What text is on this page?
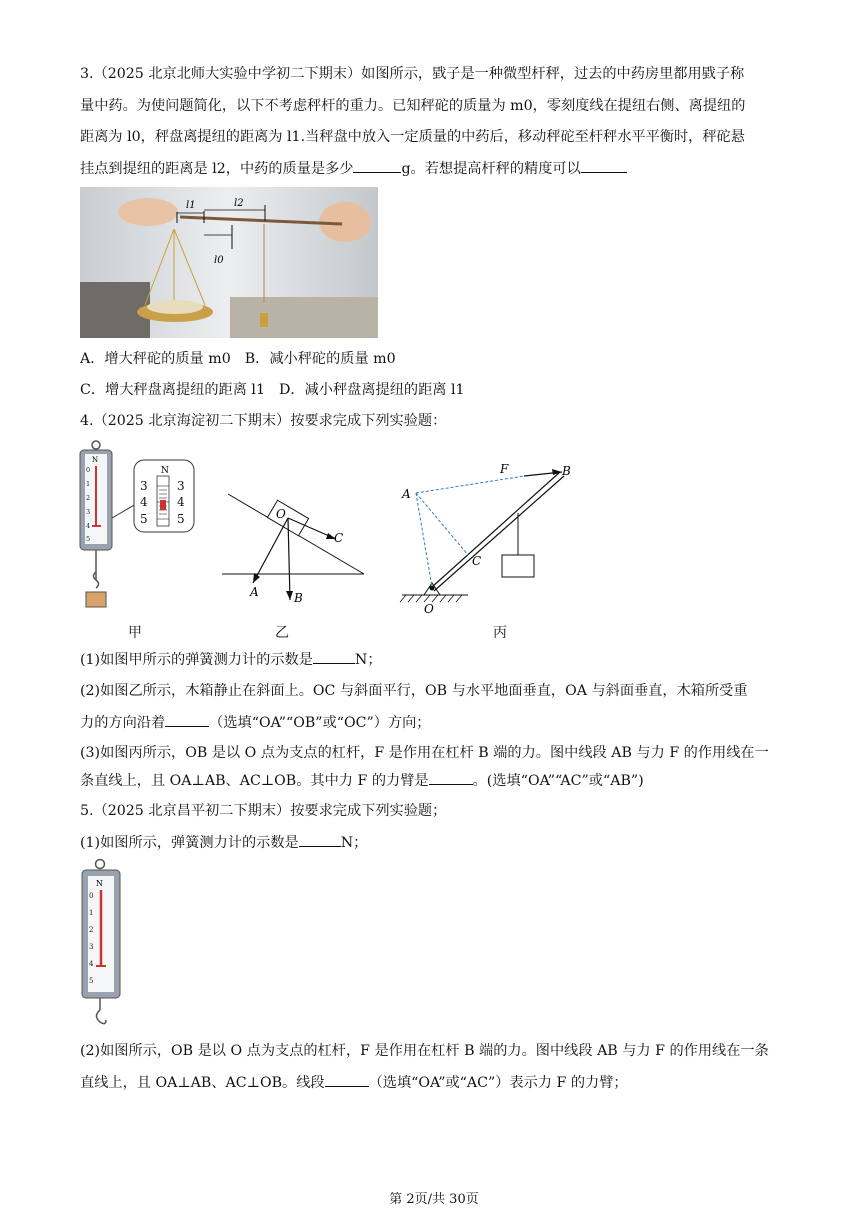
3.（2025 北京北师大实验中学初二下期末）如图所示，戥子是一种微型杆秤，过去的中药房里都用戥子称
量中药。为使问题简化，以下不考虑秤杆的重力。已知秤砣的质量为 m0，零刻度线在提纽右侧、离提纽的
距离为 l0，秤盘离提纽的距离为 l1.当秤盘中放入一定质量的中药后，移动秤砣至杆秤水平平衡时，秤砣悬
挂点到提纽的距离是 l2，中药的质量是多少	g。若想提高杆秤的精度可以
l1	l2
l0
A．增大秤砣的质量 m0 B．减小秤砣的质量 m0
C．增大秤盘离提纽的距离 l1 D．减小秤盘离提纽的距离 l1
4.（2025 北京海淀初二下期末）按要求完成下列实验题：
N
0
1
2
3
4
5
N
3
4
5
3
4
5
甲
O
C
B
A
乙
A
B
F
C
O
丙
(1)如图甲所示的弹簧测力计的示数是	N；
(2)如图乙所示，木箱静止在斜面上。OC 与斜面平行，OB 与水平地面垂直，OA 与斜面垂直，木箱所受重
力的方向沿着	（选填“OA”“OB”或“OC”）方向；
(3)如图丙所示，OB 是以 O 点为支点的杠杆，F 是作用在杠杆 B 端的力。图中线段 AB 与力 F 的作用线在一
条直线上，且 OA⊥AB、AC⊥OB。其中力 F 的力臂是	。(选填“OA”“AC”或“AB”)
5.（2025 北京昌平初二下期末）按要求完成下列实验题；
(1)如图所示，弹簧测力计的示数是	N；
N
0
1
2
3
4
5
(2)如图所示，OB 是以 O 点为支点的杠杆，F 是作用在杠杆 B 端的力。图中线段 AB 与力 F 的作用线在一条
直线上，且 OA⊥AB、AC⊥OB。线段	（选填“OA”或“AC”）表示力 F 的力臂；
第 2页/共 30页
